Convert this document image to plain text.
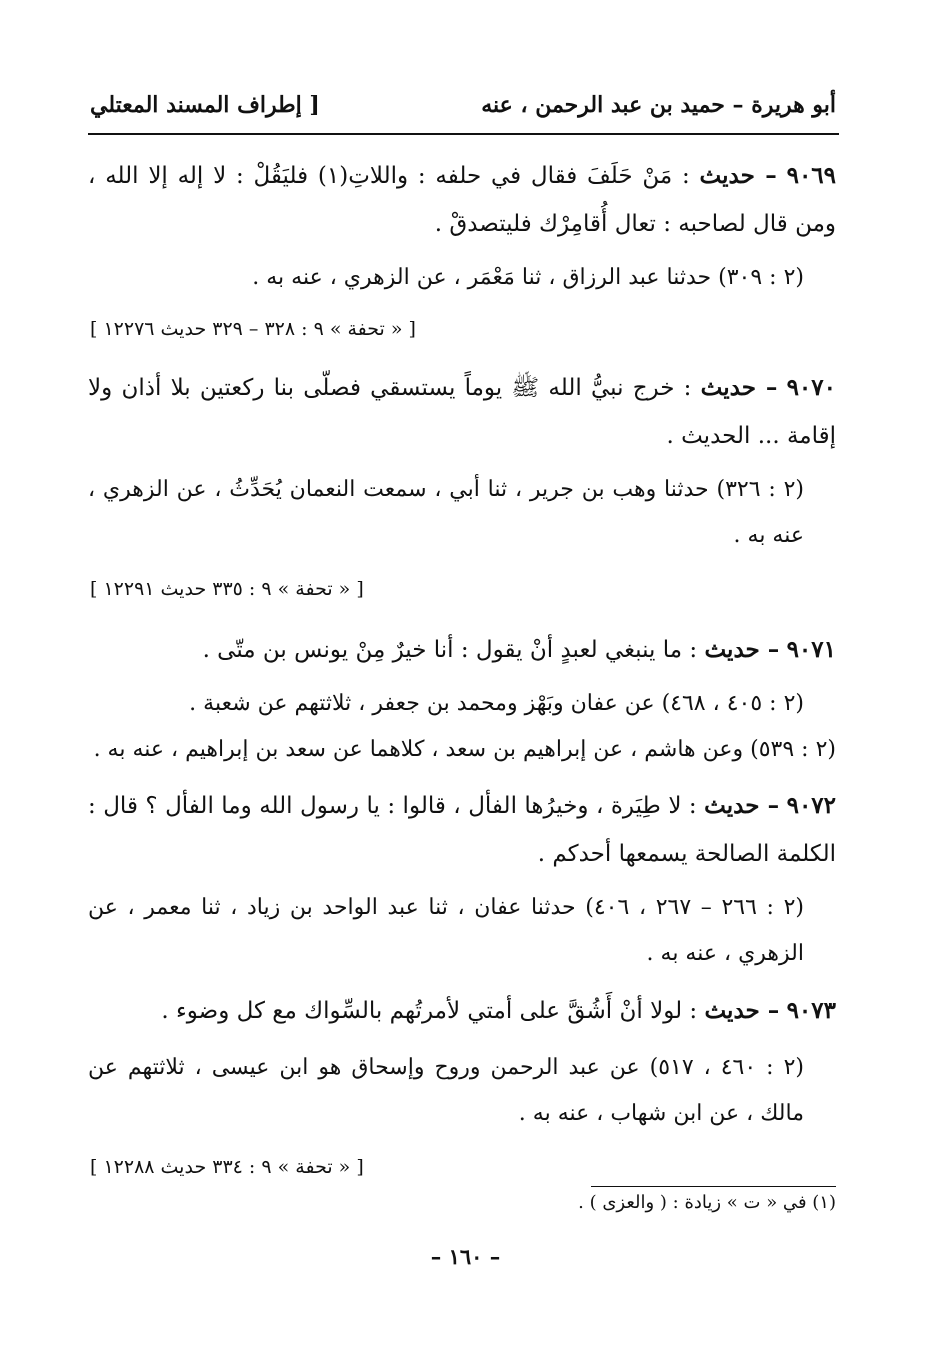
أبو هريرة – حميد بن عبد الرحمن ، عنه
[ إطراف المسند المعتلي
٩٠٦٩ – حديث : مَنْ حَلَفَ فقال في حلفه : واللاتِ(١) فليَقُلْ : لا إله إلا الله ، ومن قال لصاحبه : تعال أُقامِرْك فليتصدقْ .
(٢ : ٣٠٩) حدثنا عبد الرزاق ، ثنا مَعْمَر ، عن الزهري ، عنه به .
[ « تحفة » ٩ : ٣٢٨ – ٣٢٩ حديث ١٢٢٧٦ ]
٩٠٧٠ – حديث : خرج نبيُّ الله ﷺ يوماً يستسقي فصلّى بنا ركعتين بلا أذان ولا إقامة ... الحديث .
(٢ : ٣٢٦) حدثنا وهب بن جرير ، ثنا أبي ، سمعت النعمان يُحَدِّثُ ، عن الزهري ، عنه به .
[ « تحفة » ٩ : ٣٣٥ حديث ١٢٢٩١ ]
٩٠٧١ – حديث : ما ينبغي لعبدٍ أنْ يقول : أنا خيرٌ مِنْ يونس بن متّى .
(٢ : ٤٠٥ ، ٤٦٨) عن عفان وبَهْز ومحمد بن جعفر ، ثلاثتهم عن شعبة .
(٢ : ٥٣٩) وعن هاشم ، عن إبراهيم بن سعد ، كلاهما عن سعد بن إبراهيم ، عنه به .
٩٠٧٢ – حديث : لا طِيَرة ، وخيرُها الفأل ، قالوا : يا رسول الله وما الفأل ؟ قال : الكلمة الصالحة يسمعها أحدكم .
(٢ : ٢٦٦ – ٢٦٧ ، ٤٠٦) حدثنا عفان ، ثنا عبد الواحد بن زياد ، ثنا معمر ، عن الزهري ، عنه به .
٩٠٧٣ – حديث : لولا أنْ أَشُقَّ على أمتي لأمرتُهم بالسِّواك مع كل وضوء .
(٢ : ٤٦٠ ، ٥١٧) عن عبد الرحمن وروح وإسحاق هو ابن عيسى ، ثلاثتهم عن مالك ، عن ابن شهاب ، عنه به .
[ « تحفة » ٩ : ٣٣٤ حديث ١٢٢٨٨ ]
(١) في « ت » زيادة : ( والعزى ) .
– ١٦٠ –
